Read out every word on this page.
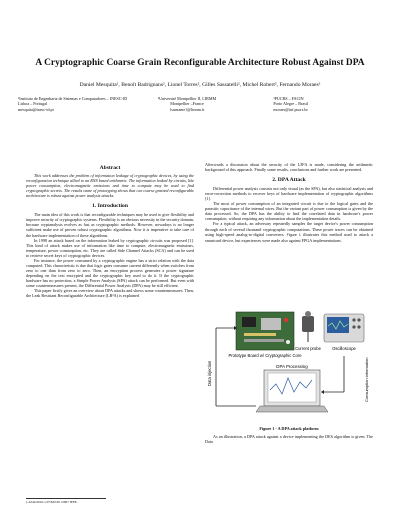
A Cryptographic Coarse Grain Reconfigurable Architecture Robust Against DPA
Daniel Mesquita¹, Benoît Badrignans², Lionel Torres², Gilles Sassatelli², Michel Robert², Fernando Moraes³
¹Instituto de Engenharia de Sistemas e Computadores – INESC-ID
Lisboa – Portugal
mesquita@inesc-id.pt
²Université Montpellier II, LIRMM
Montpellier –France
{surname}@lirmm.fr
³PUCRS – FACIN
Porto Alegre – Brasil
moraes@inf.pucrs.br
Abstract

This work addresses the problem of information leakage of cryptographic devices, by using the reconfiguration technique allied to an RNS based arithmetic. The information leaked by circuits, like power consumption, electromagnetic emissions and time to compute may be used to find cryptographic secrets. The results came of prototyping shows that our coarse grained reconfigurable architecture is robust against power analysis attacks.

1. Introduction

The main idea of this work is that reconfigurable techniques may be used to give flexibility and improve security of cryptographic systems. Flexibility is an obvious necessity in the security domain, because cryptanalysis evolves as fast as cryptographic methods. However, nowadays is no longer sufficient make use of proven robust cryptographic algorithms. Now it is imperative to take care of the hardware implementation of these algorithms.

In 1998 an attack based on the information leaked by cryptographic circuits was proposed [1]. This kind of attack makes use of information like time to compute, electromagnetic emissions, temperature, power consumption, etc. They are called Side Channel Attacks (SCA) and can be used to retrieve secret keys of cryptographic devices.

For instance, the power consumed by a cryptographic engine has a strict relation with the data computed. This characteristic is due that logic gates consume current differently when switches from zero to one than from zero to zero. Then, an encryption process generates a power signature depending on the text encrypted and the cryptographic key used to do it. If the cryptographic hardware has no protection, a Simple Power Analysis (SPA) attack can be performed. But even with some countermeasures present, the Differential Power Analysis (DPA) may be still efficient.

This paper firstly gives an overview about DPA attacks and shows some countermeasures. Then, the Leak Resistant Reconfigurable Architecture (LR²A) is explained

Afterwards a discussion about the security of the LR²A is made, considering the arithmetic background of this approach. Finally some results, conclusions and further work are presented.

2. DPA Attack

Differential power analysis consists not only visual (as the SPA), but also statistical analysis and error-correction methods to recover keys of hardware implementation of cryptographic algorithms [1].

The most of power consumption of an integrated circuit is due to the logical gates and the parasitic capacitance of the internal wires. But the variant part of power consumption is given by the data processed. So, the DPA has the ability to find the correlated data in hardware's power consumption, without requiring any information about the implementation details.

For a typical attack, an adversary repeatedly samples the target device's power consumption through each of several thousand cryptographic computations. These power traces can be obtained using high-speed analog-to-digital converters. Figure 1 illustrates this method used to attack a smartcard device, but experiences were made also against FPGA implementations.

Prototype Board w/ Cryptographic Core
Current probe	Oscilloscope
Data injection	Consumption information
DPA Processing
Figure 1 - A DPA attack platform
As an illustration, a DPA attack against a device implementing the DES algorithm is given. The Data
1-4244-0610-1/07/$20.00 c2007 IEEE.
